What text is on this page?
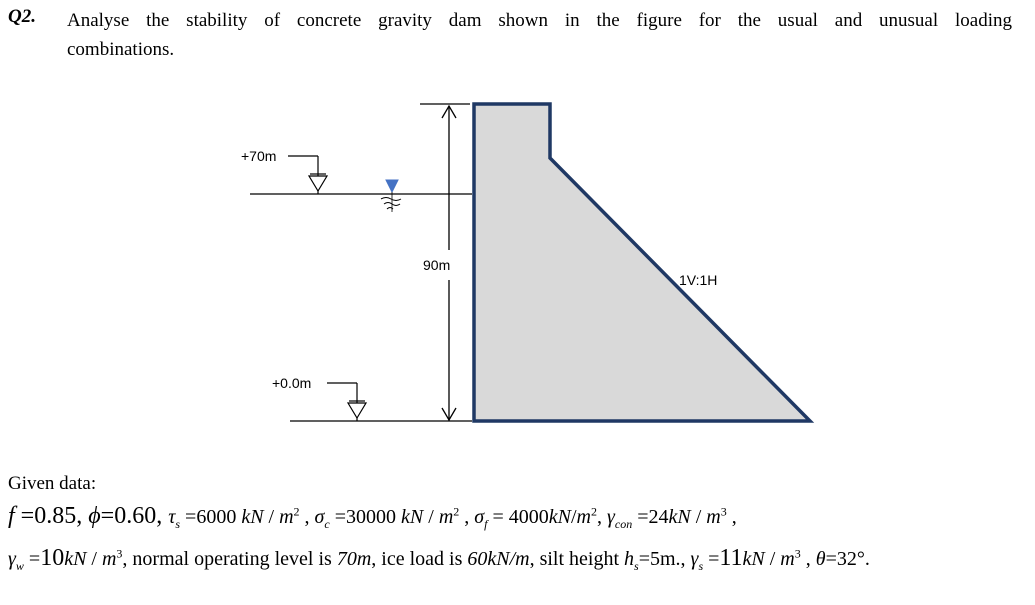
Q2. Analyse the stability of concrete gravity dam shown in the figure for the usual and unusual loading
combinations.
+70m
+0.0m
90m
1V:1H
Given data:
f =0.85, ϕ=0.60, $\tau_s =6000$ kN / $m^2$ , $\sigma_c =30000$ kN / $m^2$ , $\sigma_f = 4000kN/m^2$, $\gamma_{con} =24kN / m^3$ ,
$\gamma_w =10kN / m^3$, normal operating level is 70m, ice load is 60kN/m, silt height $h_s=5m$., $\gamma_s =11kN / m^3$ , θ=32°.
